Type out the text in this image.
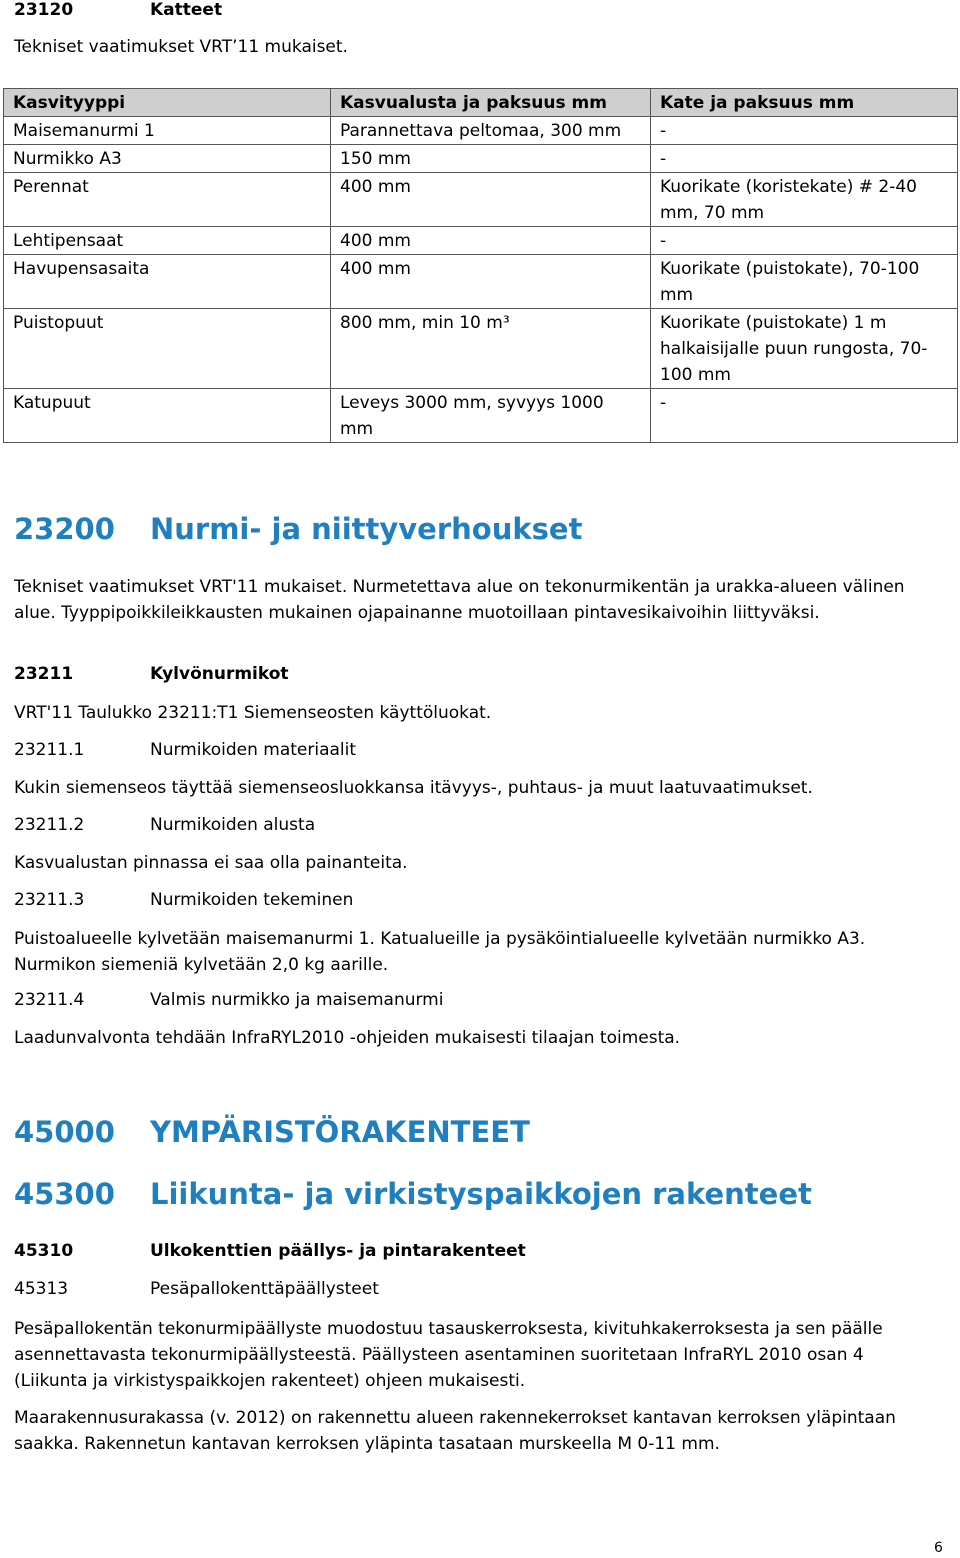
23120	Katteet
Tekniset vaatimukset VRT’11 mukaiset.
Kasvityyppi	Kasvualusta ja paksuus mm	Kate ja paksuus mm
Maisemanurmi 1	Parannettava peltomaa, 300 mm	-
Nurmikko A3	150 mm	-
Perennat	400 mm	Kuorikate (koristekate) # 2-40 mm, 70 mm
Lehtipensaat	400 mm	-
Havupensasaita	400 mm	Kuorikate (puistokate), 70-100 mm
Puistopuut	800 mm, min 10 m³	Kuorikate (puistokate) 1 m halkaisijalle puun rungosta, 70-100 mm
Katupuut	Leveys 3000 mm, syvyys 1000 mm	-
23200 Nurmi- ja niittyverhoukset
Tekniset vaatimukset VRT'11 mukaiset. Nurmetettava alue on tekonurmikentän ja urakka-alueen välinen alue. Tyyppipoikkileikkausten mukainen ojapainanne muotoillaan pintavesikaivoihin liittyväksi.
23211	Kylvönurmikot
VRT'11 Taulukko 23211:T1 Siemenseosten käyttöluokat.
23211.1	Nurmikoiden materiaalit
Kukin siemenseos täyttää siemenseosluokkansa itävyys-, puhtaus- ja muut laatuvaatimukset.
23211.2	Nurmikoiden alusta
Kasvualustan pinnassa ei saa olla painanteita.
23211.3	Nurmikoiden tekeminen
Puistoalueelle kylvetään maisemanurmi 1. Katualueille ja pysäköintialueelle kylvetään nurmikko A3. Nurmikon siemeniä kylvetään 2,0 kg aarille.
23211.4	Valmis nurmikko ja maisemanurmi
Laadunvalvonta tehdään InfraRYL2010 -ohjeiden mukaisesti tilaajan toimesta.
45000 YMPÄRISTÖRAKENTEET
45300 Liikunta- ja virkistyspaikkojen rakenteet
45310	Ulkokenttien päällys- ja pintarakenteet
45313	Pesäpallokenttäpäällysteet
Pesäpallokentän tekonurmipäällyste muodostuu tasauskerroksesta, kivituhkakerroksesta ja sen päälle asennettavasta tekonurmipäällysteestä. Päällysteen asentaminen suoritetaan InfraRYL 2010 osan 4 (Liikunta ja virkistyspaikkojen rakenteet) ohjeen mukaisesti.
Maarakennusurakassa (v. 2012) on rakennettu alueen rakennekerrokset kantavan kerroksen yläpintaan saakka. Rakennetun kantavan kerroksen yläpinta tasataan murskeella M 0-11 mm.
6
